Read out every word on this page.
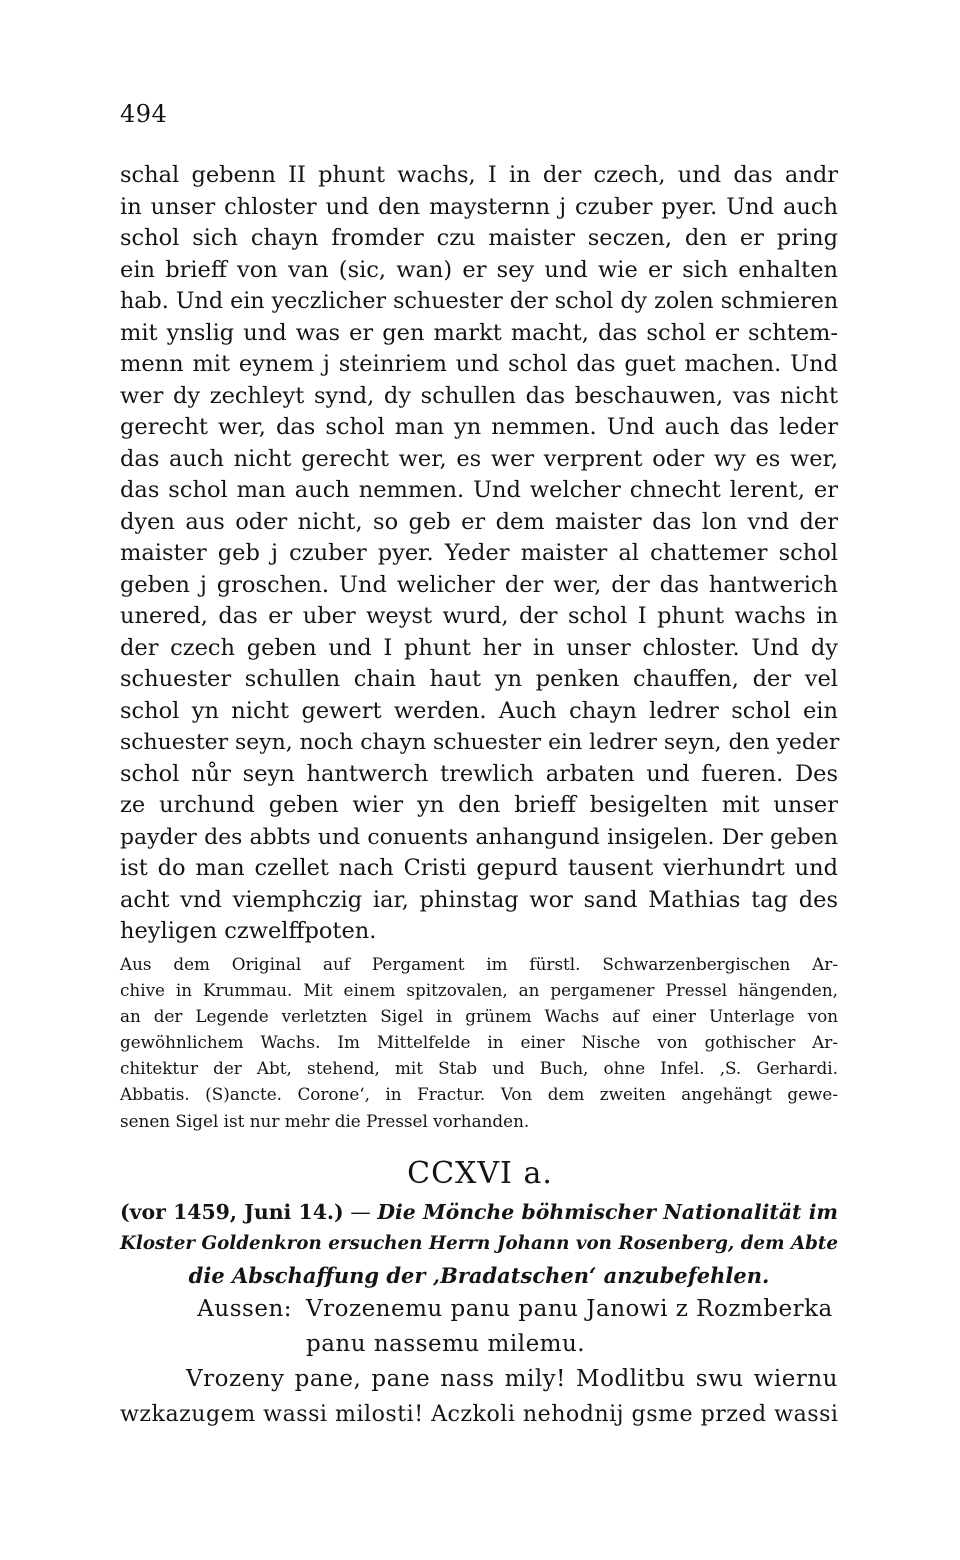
494
schal gebenn II phunt wachs, I in der czech, und das andr
in unser chloster und den maysternn j czuber pyer. Und auch
schol sich chayn fromder czu maister seczen, den er pring
ein brieff von van (sic, wan) er sey und wie er sich enhalten
hab. Und ein yeczlicher schuester der schol dy zolen schmieren
mit ynslig und was er gen markt macht, das schol er schtem-
menn mit eynem j steinriem und schol das guet machen. Und
wer dy zechleyt synd, dy schullen das beschauwen, vas nicht
gerecht wer, das schol man yn nemmen. Und auch das leder
das auch nicht gerecht wer, es wer verprent oder wy es wer,
das schol man auch nemmen. Und welcher chnecht lerent, er
dyen aus oder nicht, so geb er dem maister das lon vnd der
maister geb j czuber pyer. Yeder maister al chattemer schol
geben j groschen. Und welicher der wer, der das hantwerich
unered, das er uber weyst wurd, der schol I phunt wachs in
der czech geben und I phunt her in unser chloster. Und dy
schuester schullen chain haut yn penken chauffen, der vel
schol yn nicht gewert werden. Auch chayn ledrer schol ein
schuester seyn, noch chayn schuester ein ledrer seyn, den yeder
schol nůr seyn hantwerch trewlich arbaten und fueren. Des
ze urchund geben wier yn den brieff besigelten mit unser
payder des abbts und conuents anhangund insigelen. Der geben
ist do man czellet nach Cristi gepurd tausent vierhundrt und
acht vnd viemphczig iar, phinstag wor sand Mathias tag des
heyligen czwelffpoten.
Aus dem Original auf Pergament im fürstl. Schwarzenbergischen Ar-
chive in Krummau. Mit einem spitzovalen, an pergamener Pressel hängenden,
an der Legende verletzten Sigel in grünem Wachs auf einer Unterlage von
gewöhnlichem Wachs. Im Mittelfelde in einer Nische von gothischer Ar-
chitektur der Abt, stehend, mit Stab und Buch, ohne Infel. ‚S. Gerhardi.
Abbatis. (S)ancte. Corone‘, in Fractur. Von dem zweiten angehängt gewe-
senen Sigel ist nur mehr die Pressel vorhanden.
CCXVI a.
(vor 1459, Juni 14.) — Die Mönche böhmischer Nationalität im
Kloster Goldenkron ersuchen Herrn Johann von Rosenberg, dem Abte
die Abschaffung der ‚Bradatschen‘ anzubefehlen.
Aussen: Vrozenemu panu panu Janowi z Rozmberka
panu nassemu milemu.
Vrozeny pane, pane nass mily! Modlitbu swu wiernu
wzkazugem wassi milosti! Aczkoli nehodnij gsme przed wassi
